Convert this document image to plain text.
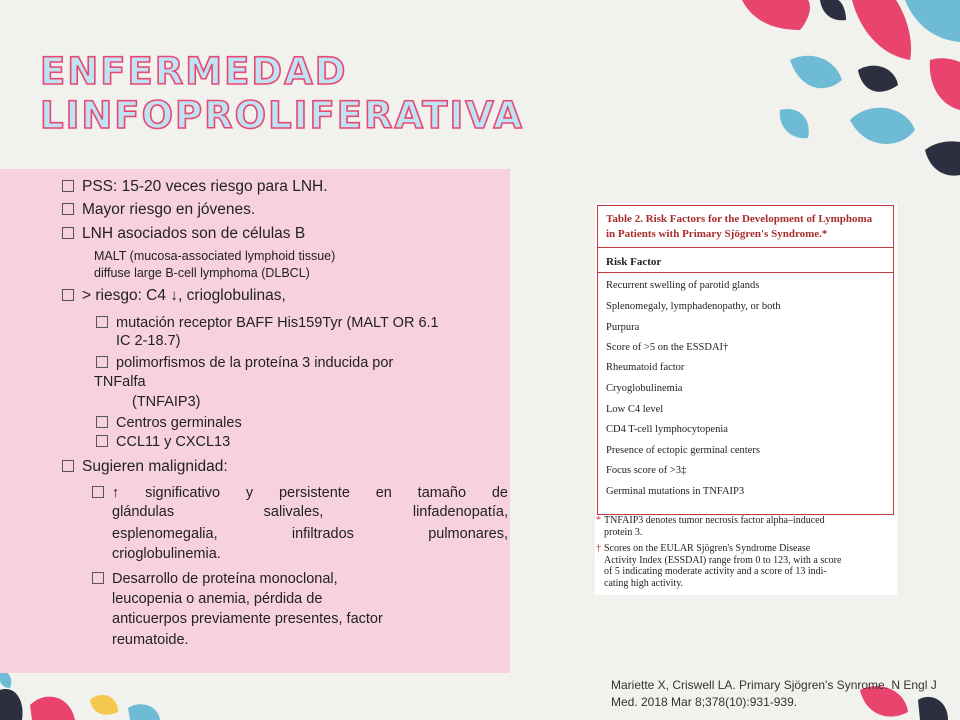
ENFERMEDAD
LINFOPROLIFERATIVA
PSS: 15-20 veces riesgo para LNH.
Mayor riesgo en jóvenes.
LNH asociados son de células B
MALT (mucosa-associated lymphoid tissue)
diffuse large B-cell lymphoma (DLBCL)
> riesgo: C4 ↓, crioglobulinas,
mutación receptor BAFF His159Tyr (MALT OR 6.1
IC 2-18.7)
polimorfismos de la proteína 3 inducida por
TNFalfa
(TNFAIP3)
Centros germinales
CCL11 y CXCL13
Sugieren malignidad:
↑ significativo y persistente en tamaño de
glándulas salivales, linfadenopatía,
esplenomegalia, infiltrados pulmonares,
crioglobulinemia.
Desarrollo de proteína monoclonal,
leucopenia o anemia, pérdida de
anticuerpos previamente presentes, factor
reumatoide.
Table 2. Risk Factors for the Development of Lymphoma
in Patients with Primary Sjögren's Syndrome.*
Risk Factor
Recurrent swelling of parotid glands
Splenomegaly, lymphadenopathy, or both
Purpura
Score of >5 on the ESSDAI†
Rheumatoid factor
Cryoglobulinemia
Low C4 level
CD4 T-cell lymphocytopenia
Presence of ectopic germinal centers
Focus score of >3‡
Germinal mutations in TNFAIP3
* TNFAIP3 denotes tumor necrosis factor alpha–induced
protein 3.
† Scores on the EULAR Sjögren's Syndrome Disease
Activity Index (ESSDAI) range from 0 to 123, with a score
of 5 indicating moderate activity and a score of 13 indi-
cating high activity.
Mariette X, Criswell LA. Primary Sjögren's Synrome. N Engl J Med. 2018 Mar 8;378(10):931-939.
